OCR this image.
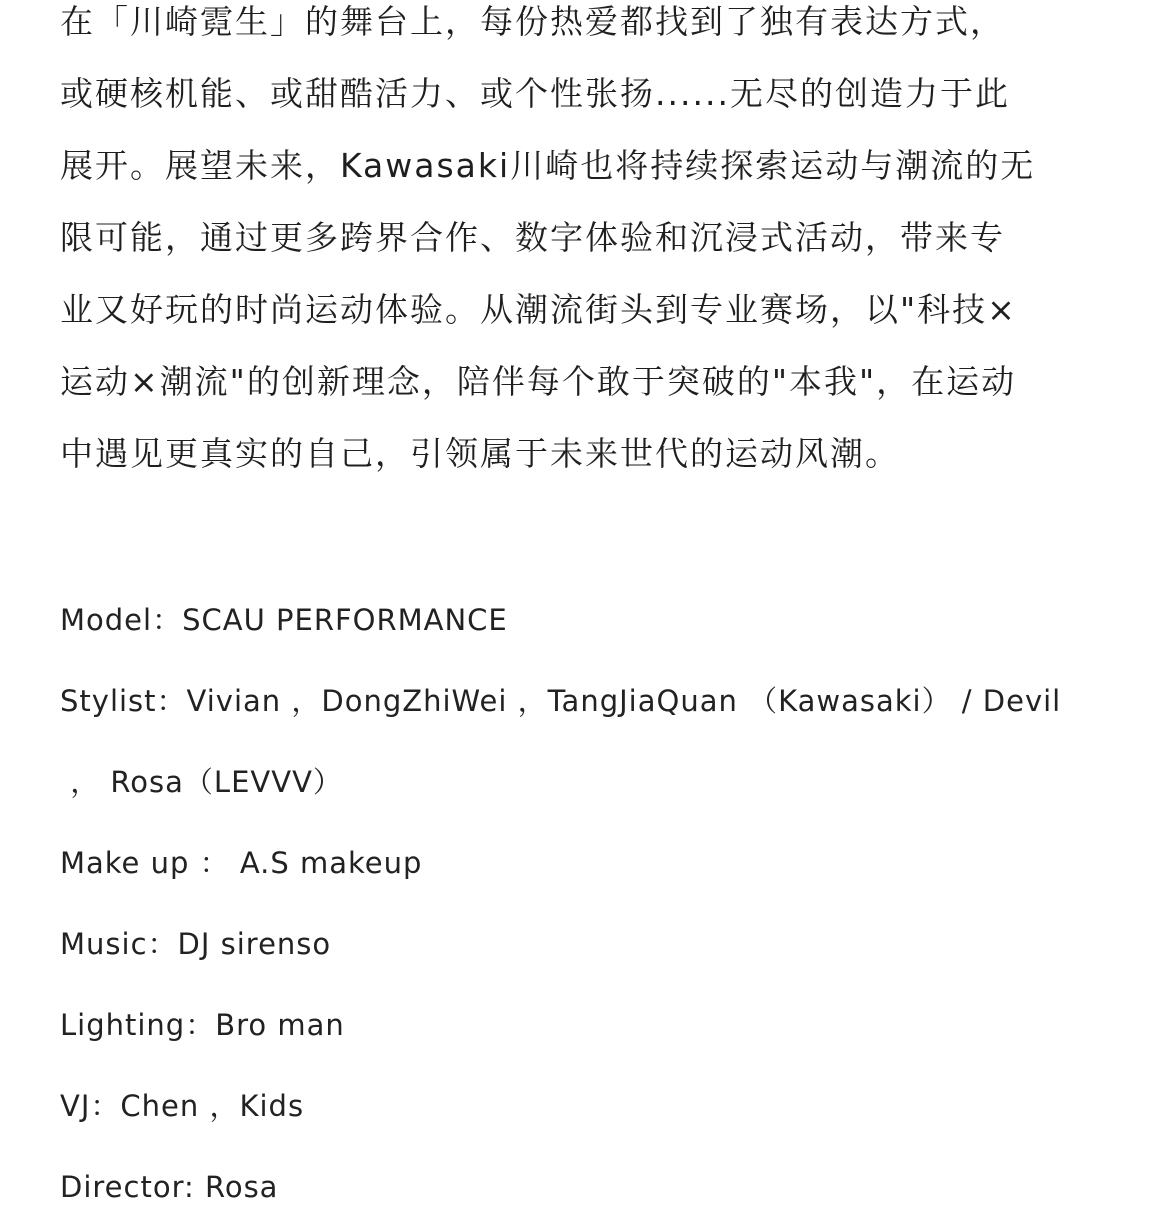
在「川崎霓生」的舞台上，每份热爱都找到了独有表达方式，
或硬核机能、或甜酷活力、或个性张扬......无尽的创造力于此
展开。展望未来，Kawasaki川崎也将持续探索运动与潮流的无
限可能，通过更多跨界合作、数字体验和沉浸式活动，带来专
业又好玩的时尚运动体验。从潮流街头到专业赛场，以"科技×
运动×潮流"的创新理念，陪伴每个敢于突破的"本我"，在运动
中遇见更真实的自己，引领属于未来世代的运动风潮。

Model：SCAU PERFORMANCE
Stylist：Vivian ，DongZhiWei ，TangJiaQuan （Kawasaki） / Devil
， Rosa（LEVVV）
Make up ： A.S makeup
Music：DJ sirenso
Lighting：Bro man
VJ：Chen ，Kids
Director: Rosa
